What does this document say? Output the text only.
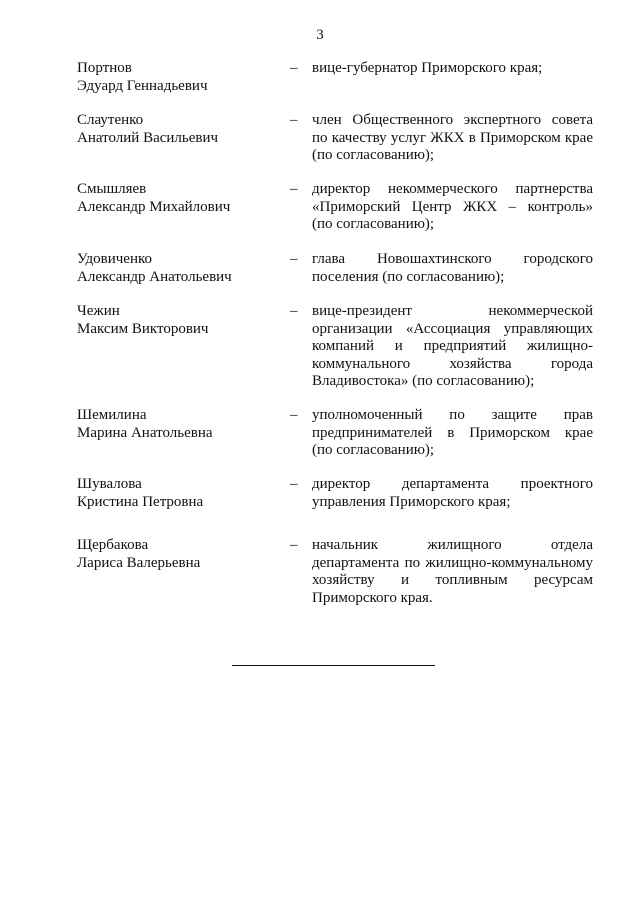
3
Портнов
Эдуард Геннадьевич
– вице-губернатор Приморского края;
Слаутенко
Анатолий Васильевич
– член Общественного экспертного совета
по качеству услуг ЖКХ в Приморском крае
(по согласованию);
Смышляев
Александр Михайлович
– директор некоммерческого партнерства
«Приморский Центр ЖКХ – контроль»
(по согласованию);
Удовиченко
Александр Анатольевич
– глава Новошахтинского городского
поселения (по согласованию);
Чежин
Максим Викторович
– вице-президент некоммерческой
организации «Ассоциация управляющих
компаний и предприятий жилищно-
коммунального хозяйства города
Владивостока» (по согласованию);
Шемилина
Марина Анатольевна
– уполномоченный по защите прав
предпринимателей в Приморском крае
(по согласованию);
Шувалова
Кристина Петровна
– директор департамента проектного
управления Приморского края;
Щербакова
Лариса Валерьевна
– начальник жилищного отдела
департамента по жилищно-коммунальному
хозяйству и топливным ресурсам
Приморского края.
